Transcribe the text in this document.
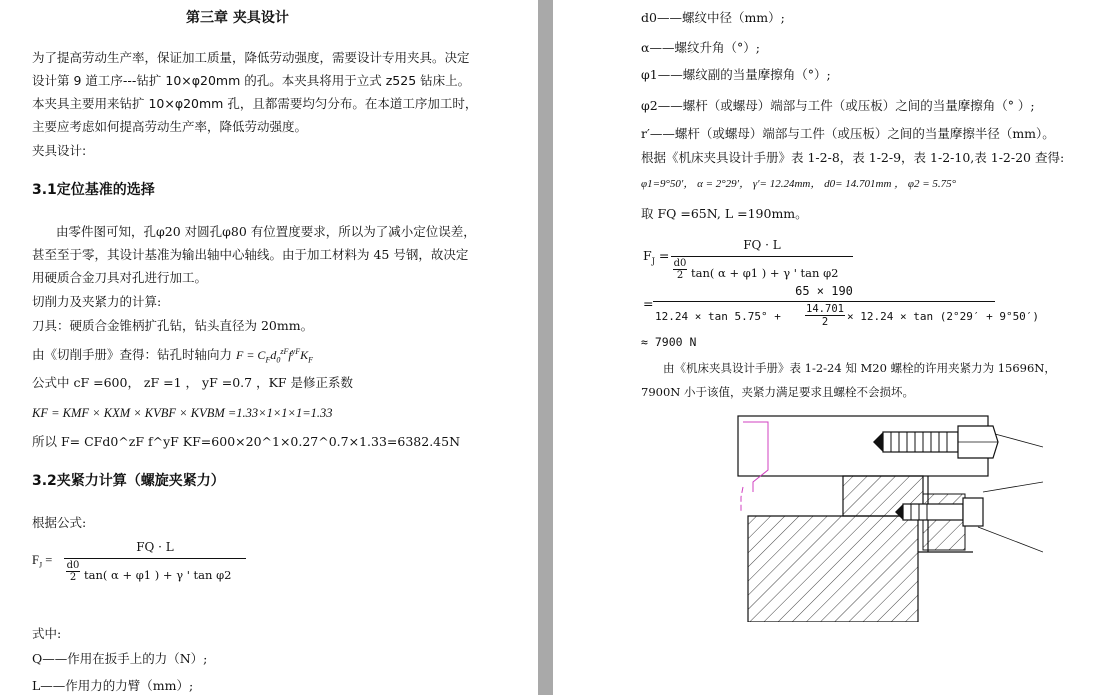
第三章 夹具设计
为了提高劳动生产率，保证加工质量，降低劳动强度，需要设计专用夹具。决定
设计第 9 道工序---钻扩 10×φ20mm 的孔。本夹具将用于立式 z525 钻床上。
本夹具主要用来钻扩 10×φ20mm 孔，且都需要均匀分布。在本道工序加工时，
主要应考虑如何提高劳动生产率，降低劳动强度。
夹具设计:
3.1定位基准的选择
由零件图可知，孔φ20 对圆孔φ80 有位置度要求，所以为了减小定位误差，
甚至至于零，其设计基准为输出轴中心轴线。由于加工材料为 45 号钢，故决定
用硬质合金刀具对孔进行加工。
切削力及夹紧力的计算:
刀具：硬质合金锥柄扩孔钻，钻头直径为 20mm。
由《切削手册》查得：钻孔时轴向力 $F = C_Fd_0^{zF}f^{yF}K_F$
公式中 cF =600， zF =1 ， yF =0.7 ，KF 是修正系数
KF = KMF × KXM × KVBF × KVBM =1.33×1×1×1=1.33
所以 F= CFd0^zF f^yF KF=600×20^1×0.27^0.7×1.33=6382.45N
3.2夹紧力计算（螺旋夹紧力）
根据公式:
$F_J$ =
FQ · L
d0
2 tan( α + φ1 ) + γ ' tan φ2
式中:
Q——作用在扳手上的力（N）;
L——作用力的力臂（mm）;
d0——螺纹中径（mm）;
α——螺纹升角（°）;
φ1——螺纹副的当量摩擦角（°）;
φ2——螺杆（或螺母）端部与工件（或压板）之间的当量摩擦角（° ）;
r′——螺杆（或螺母）端部与工件（或压板）之间的当量摩擦半径（mm）。
根据《机床夹具设计手册》表 1-2-8，表 1-2-9，表 1-2-10,表 1-2-20 查得:
φ1=9°50′， α = 2°29′， γ′= 12.24mm， d0= 14.701mm ， φ2 = 5.75°
取 FQ =65N, L =190mm。
$F_J$ =
FQ · L
d0
2 tan( α + φ1 ) + γ ' tan φ2
=
65 × 190
12.24 × tan 5.75° +
14.701
2	× 12.24 × tan (2°29′ + 9°50′)
≈ 7900 N
由《机床夹具设计手册》表 1-2-24 知 M20 螺栓的许用夹紧力为 15696N，
7900N 小于该值，夹紧力满足要求且螺栓不会损坏。
